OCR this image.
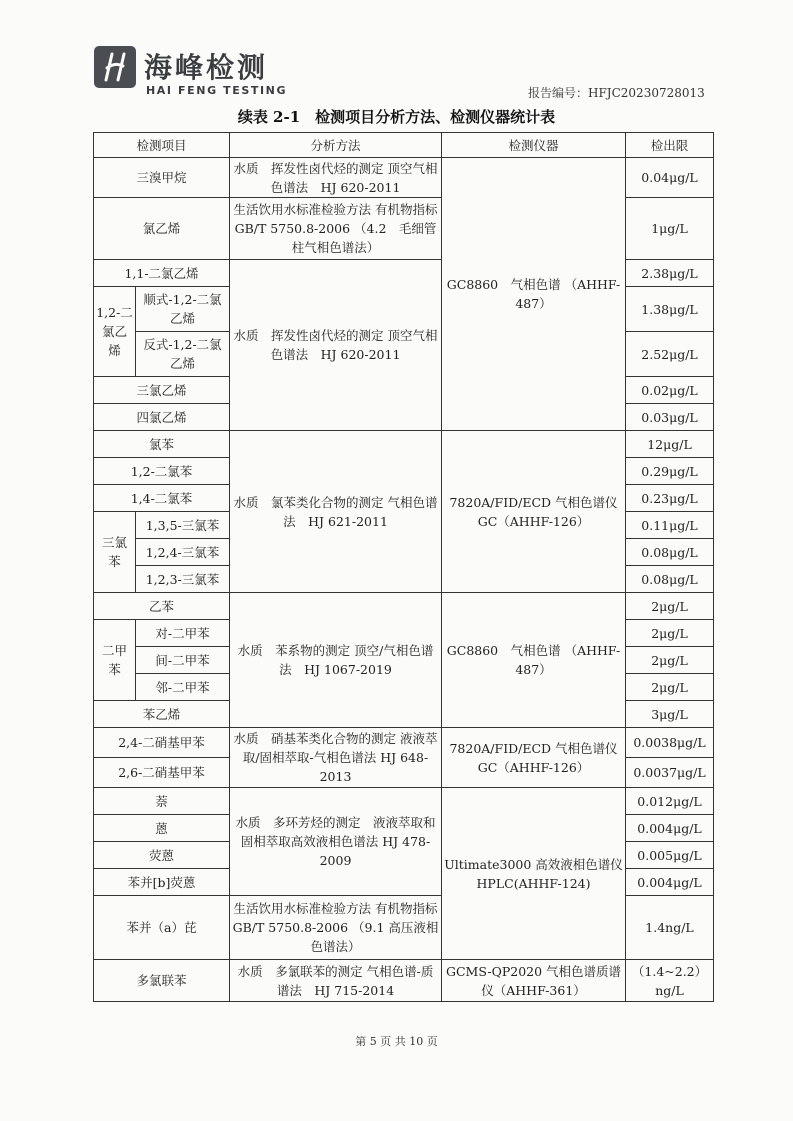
海峰检测
HAI FENG TESTING	报告编号：HFJC20230728013
续表 2-1　检测项目分析方法、检测仪器统计表
检测项目		分析方法	检测仪器	检出限
三溴甲烷		水质　挥发性卤代烃的测定 顶空气相色谱法　HJ 620-2011	GC8860　气相色谱 （AHHF-487）	0.04μg/L
氯乙烯		生活饮用水标准检验方法 有机物指标　GB/T 5750.8-2006 （4.2　毛细管柱气相色谱法）		1μg/L
1,1-二氯乙烯		水质　挥发性卤代烃的测定 顶空气相色谱法　HJ 620-2011		2.38μg/L
1,2-二氯乙烯	顺式-1,2-二氯乙烯			1.38μg/L
	反式-1,2-二氯乙烯			2.52μg/L
三氯乙烯				0.02μg/L
四氯乙烯				0.03μg/L
氯苯		水质　氯苯类化合物的测定 气相色谱法　HJ 621-2011	7820A/FID/ECD 气相色谱仪 GC（AHHF-126）	12μg/L
1,2-二氯苯				0.29μg/L
1,4-二氯苯				0.23μg/L
三氯苯	1,3,5-三氯苯			0.11μg/L
	1,2,4-三氯苯			0.08μg/L
	1,2,3-三氯苯			0.08μg/L
乙苯		水质　苯系物的测定 顶空/气相色谱法　HJ 1067-2019	GC8860　气相色谱 （AHHF-487）	2μg/L
二甲苯	对-二甲苯			2μg/L
	间-二甲苯			2μg/L
	邻-二甲苯			2μg/L
苯乙烯				3μg/L
2,4-二硝基甲苯		水质　硝基苯类化合物的测定 液液萃取/固相萃取-气相色谱法 HJ 648-2013	7820A/FID/ECD 气相色谱仪 GC（AHHF-126）	0.0038μg/L
2,6-二硝基甲苯				0.0037μg/L
萘		水质　多环芳烃的测定　液液萃取和固相萃取高效液相色谱法 HJ 478-2009	Ultimate3000 高效液相色谱仪 HPLC(AHHF-124)	0.012μg/L
蒽				0.004μg/L
荧蒽				0.005μg/L
苯并[b]荧蒽				0.004μg/L
苯并（a）芘		生活饮用水标准检验方法 有机物指标　GB/T 5750.8-2006 （9.1 高压液相色谱法）		1.4ng/L
多氯联苯		水质　多氯联苯的测定 气相色谱-质谱法　HJ 715-2014	GCMS-QP2020 气相色谱质谱仪（AHHF-361）	（1.4~2.2） ng/L
第 5 页 共 10 页
